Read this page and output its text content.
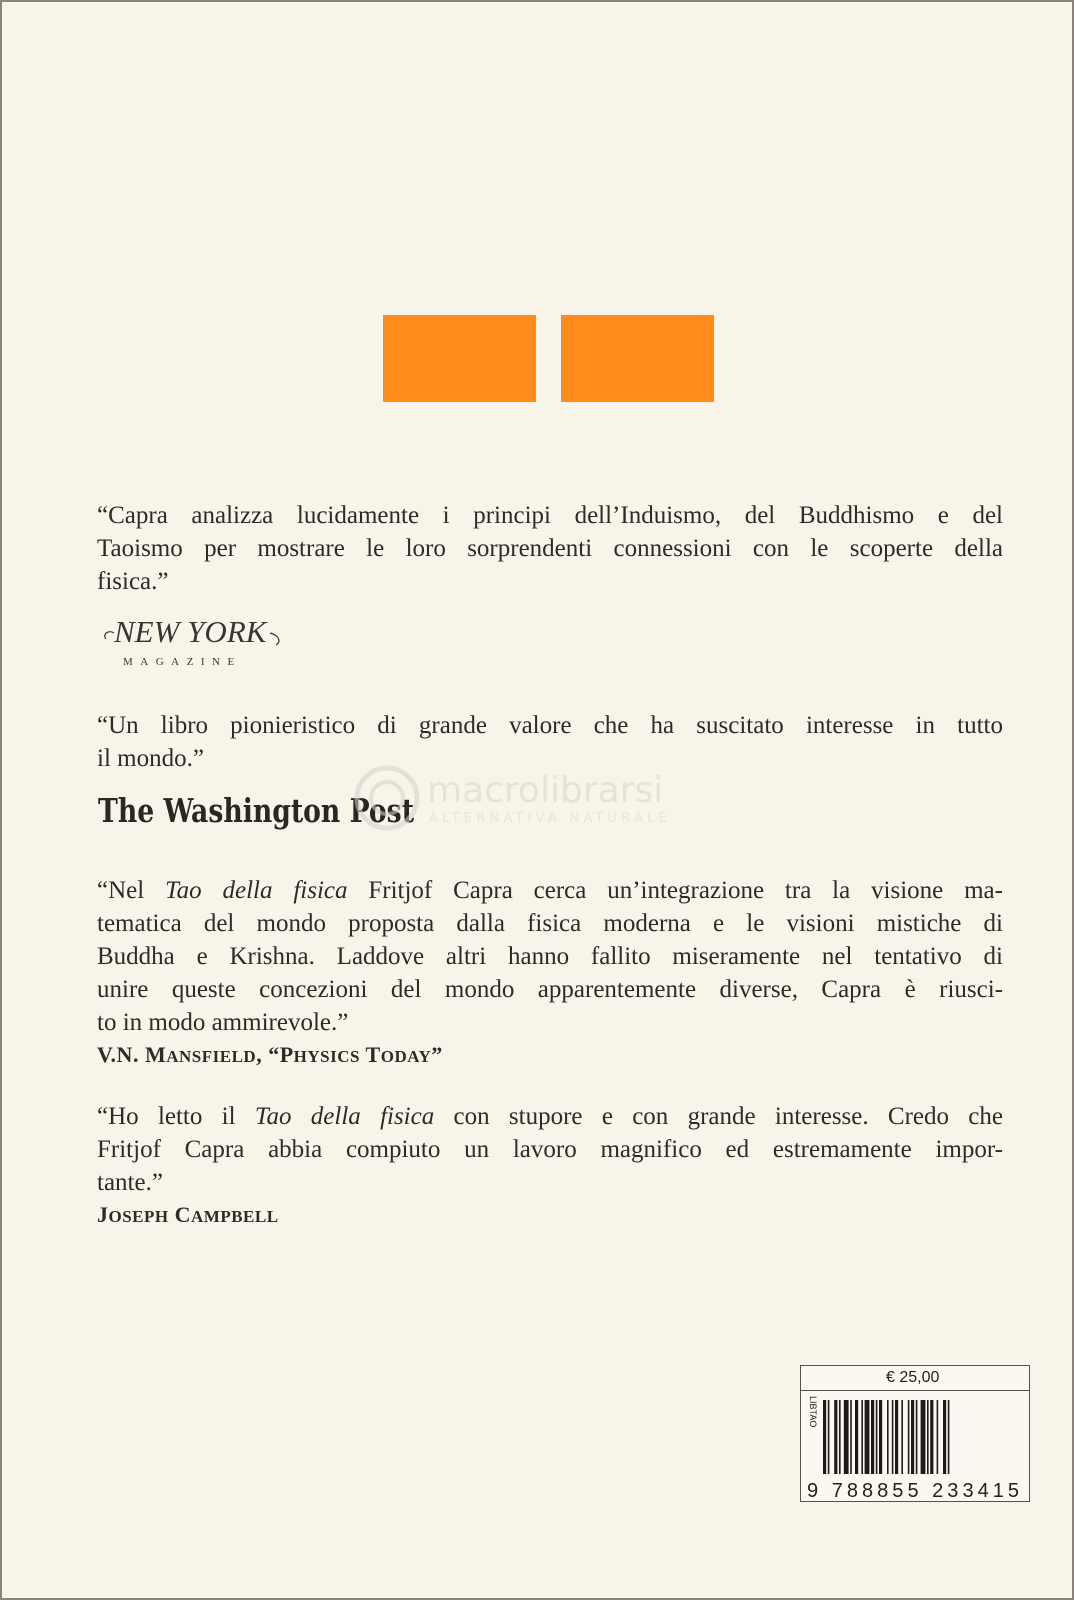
“Capra analizza lucidamente i principi dell’Induismo, del Buddhismo e del
Taoismo per mostrare le loro sorprendenti connessioni con le scoperte della
fisica.”
NEW YORK
MAGAZINE
“Un libro pionieristico di grande valore che ha suscitato interesse in tutto
il mondo.”
The Washington Post macrolibrarsi
ALTERNATIVA NATURALE
“Nel Tao della fisica Fritjof Capra cerca un’integrazione tra la visione ma-
tematica del mondo proposta dalla fisica moderna e le visioni mistiche di
Buddha e Krishna. Laddove altri hanno fallito miseramente nel tentativo di
unire queste concezioni del mondo apparentemente diverse, Capra è riusci-
to in modo ammirevole.”
V.N. MANSFIELD, “PHYSICS TODAY”
“Ho letto il Tao della fisica con stupore e con grande interesse. Credo che
Fritjof Capra abbia compiuto un lavoro magnifico ed estremamente impor-
tante.”
JOSEPH CAMPBELL
€ 25,00
LIBTAO
9 788855 233415
